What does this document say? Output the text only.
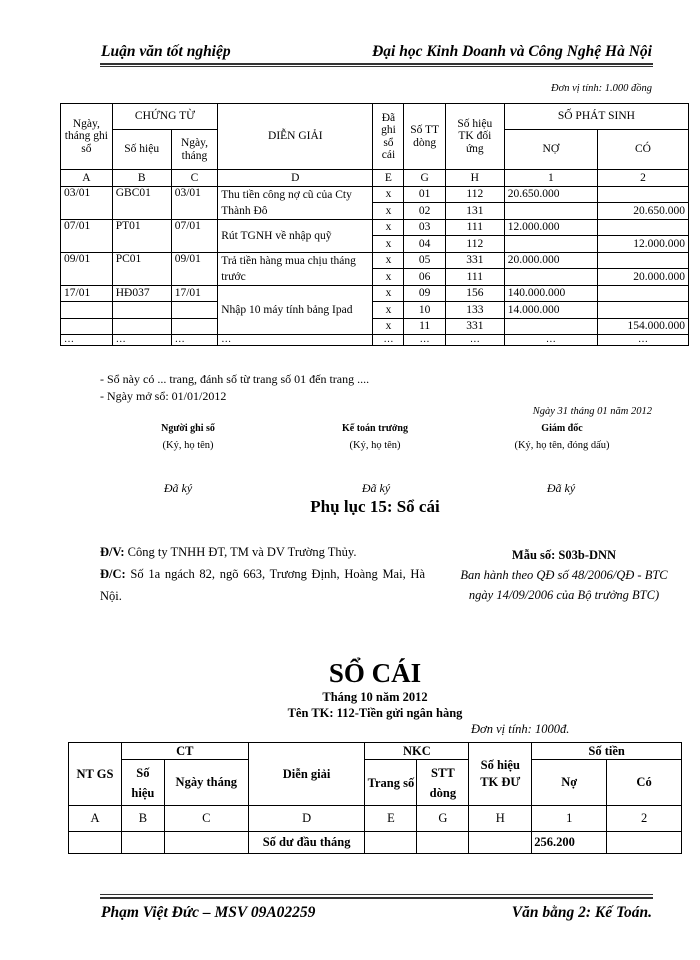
Luận văn tốt nghiệp	Đại học Kinh Doanh và Công Nghệ Hà Nội
Đơn vị tính: 1.000 đồng
Ngày, tháng ghi sổ	CHỨNG TỪ		DIỄN GIẢI	Đã ghi sổ cái	Số TT dòng	Số hiệu TK đối ứng	SỐ PHÁT SINH	
	Số hiệu	Ngày, tháng					NỢ	CÓ
A	B	C	D	E	G	H	1	2
03/01	GBC01	03/01	Thu tiền công nợ cũ của Cty Thành Đô	x	01	112	20.650.000	
				x	02	131		20.650.000
07/01	PT01	07/01	Rút TGNH về nhập quỹ	x	03	111	12.000.000	
				x	04	112		12.000.000
09/01	PC01	09/01	Trả tiền hàng mua chịu tháng trước	x	05	331	20.000.000	
				x	06	111		20.000.000
17/01	HĐ037	17/01	Nhập 10 máy tính bảng Ipad	x	09	156	140.000.000	
				x	10	133	14.000.000	
				x	11	331		154.000.000
…	…	…	…	…	…	…	…	…
- Sổ này có ... trang, đánh số từ trang số 01 đến trang ....
- Ngày mở sổ: 01/01/2012
Ngày 31 tháng 01 năm 2012
Người ghi sổ
(Ký, họ tên)
Đã ký
Kế toán trưởng
(Ký, họ tên)
Đã ký
Giám đốc
(Ký, họ tên, đóng dấu)
Đã ký
Phụ lục 15: Sổ cái
Đ/V: Công ty TNHH ĐT, TM và DV Trường Thủy.
Đ/C: Số 1a ngách 82, ngõ 663, Trương Định, Hoàng Mai, Hà Nội.
Mẫu số: S03b-DNN
Ban hành theo QĐ số 48/2006/QĐ - BTC ngày 14/09/2006 của Bộ trưởng BTC)
SỔ CÁI
Tháng 10 năm 2012
Tên TK: 112-Tiền gửi ngân hàng
Đơn vị tính: 1000đ.
NT GS	CT		Diễn giải	NKC		Số hiệu TK ĐƯ	Số tiền	
	Số hiệu	Ngày tháng		Trang số	STT dòng		Nợ	Có
A	B	C	D	E	G	H	1	2
			Số dư đầu tháng				256.200	
Phạm Việt Đức – MSV 09A02259	Văn bằng 2: Kế Toán.
